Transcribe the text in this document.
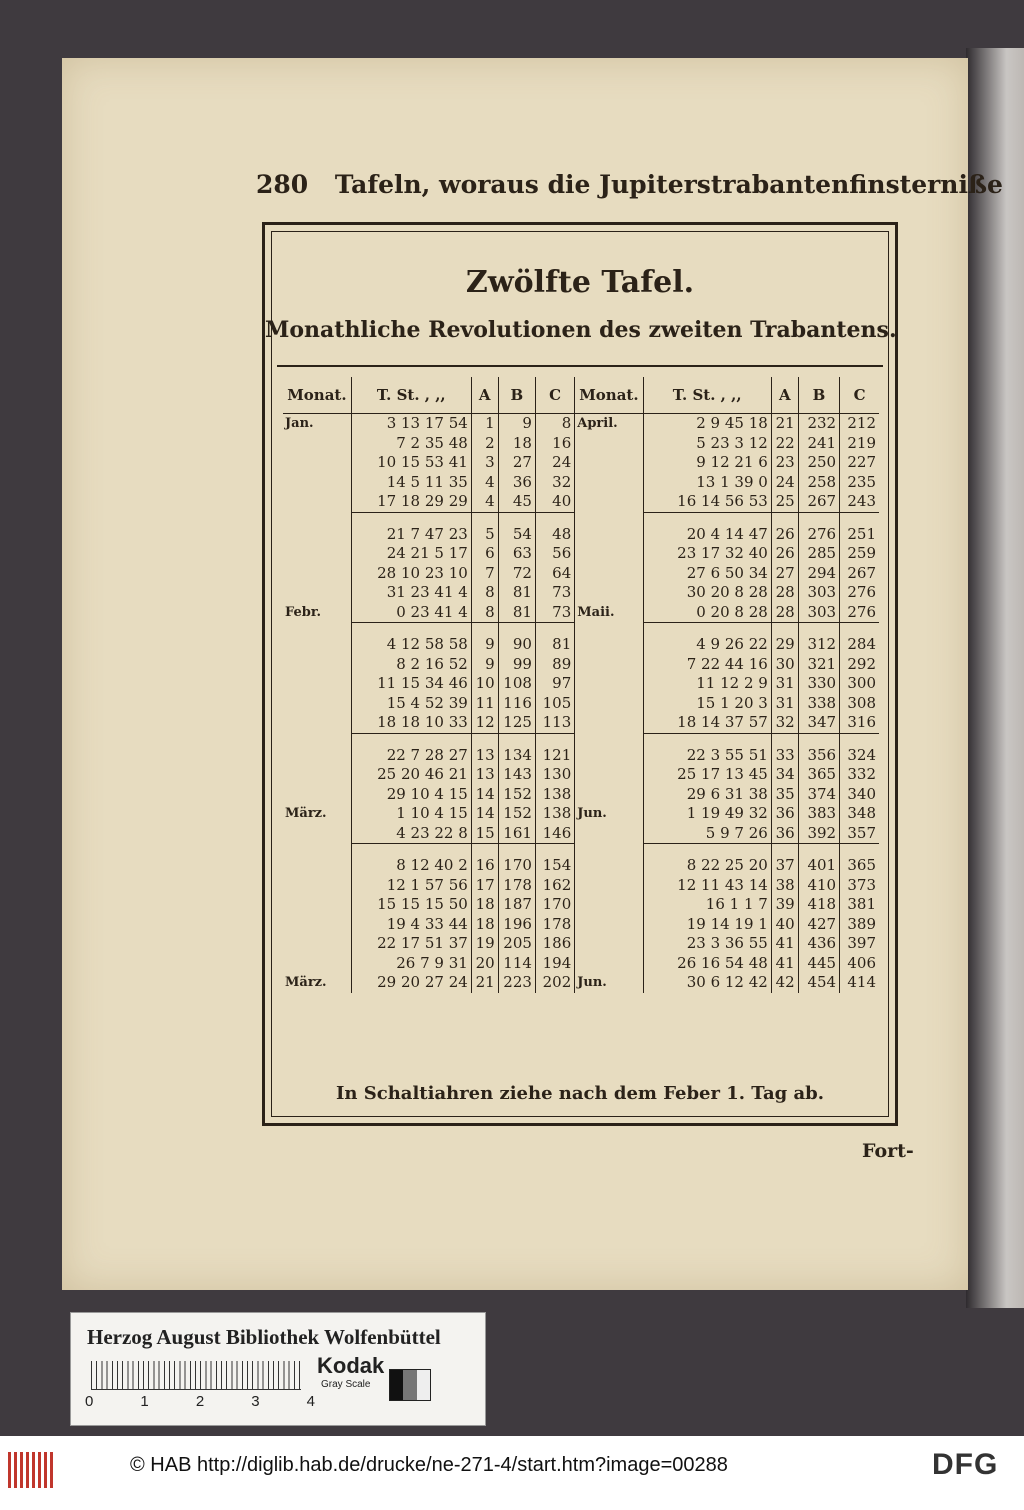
280 Tafeln, woraus die Jupiterstrabantenfinsterniße
Zwölfte Tafel.
Monathliche Revolutionen des zweiten Trabantens.
Monat.	T. St. , ,,	A	B	C	Monat.	T. St. , ,,	A	B	C
Jan.	3 13 17 54	1	9	8	April.	2 9 45 18	21	232	212
	7 2 35 48	2	18	16		5 23 3 12	22	241	219
	10 15 53 41	3	27	24		9 12 21 6	23	250	227
	14 5 11 35	4	36	32		13 1 39 0	24	258	235
	17 18 29 29	4	45	40		16 14 56 53	25	267	243

	21 7 47 23	5	54	48		20 4 14 47	26	276	251
	24 21 5 17	6	63	56		23 17 32 40	26	285	259
	28 10 23 10	7	72	64		27 6 50 34	27	294	267
	31 23 41 4	8	81	73		30 20 8 28	28	303	276
Febr.	0 23 41 4	8	81	73	Maii.	0 20 8 28	28	303	276

	4 12 58 58	9	90	81		4 9 26 22	29	312	284
	8 2 16 52	9	99	89		7 22 44 16	30	321	292
	11 15 34 46	10	108	97		11 12 2 9	31	330	300
	15 4 52 39	11	116	105		15 1 20 3	31	338	308
	18 18 10 33	12	125	113		18 14 37 57	32	347	316

	22 7 28 27	13	134	121		22 3 55 51	33	356	324
	25 20 46 21	13	143	130		25 17 13 45	34	365	332
	29 10 4 15	14	152	138		29 6 31 38	35	374	340
März.	1 10 4 15	14	152	138	Jun.	1 19 49 32	36	383	348
	4 23 22 8	15	161	146		5 9 7 26	36	392	357

	8 12 40 2	16	170	154		8 22 25 20	37	401	365
	12 1 57 56	17	178	162		12 11 43 14	38	410	373
	15 15 15 50	18	187	170		16 1 1 7	39	418	381
	19 4 33 44	18	196	178		19 14 19 1	40	427	389
	22 17 51 37	19	205	186		23 3 36 55	41	436	397
	26 7 9 31	20	114	194		26 16 54 48	41	445	406
März.	29 20 27 24	21	223	202	Jun.	30 6 12 42	42	454	414
In Schaltiahren ziehe nach dem Feber 1. Tag ab.
Fort-
Herzog August Bibliothek Wolfenbüttel
0	1	2	3	4
Kodak
Gray Scale
© HAB http://diglib.hab.de/drucke/ne-271-4/start.htm?image=00288	DFG
